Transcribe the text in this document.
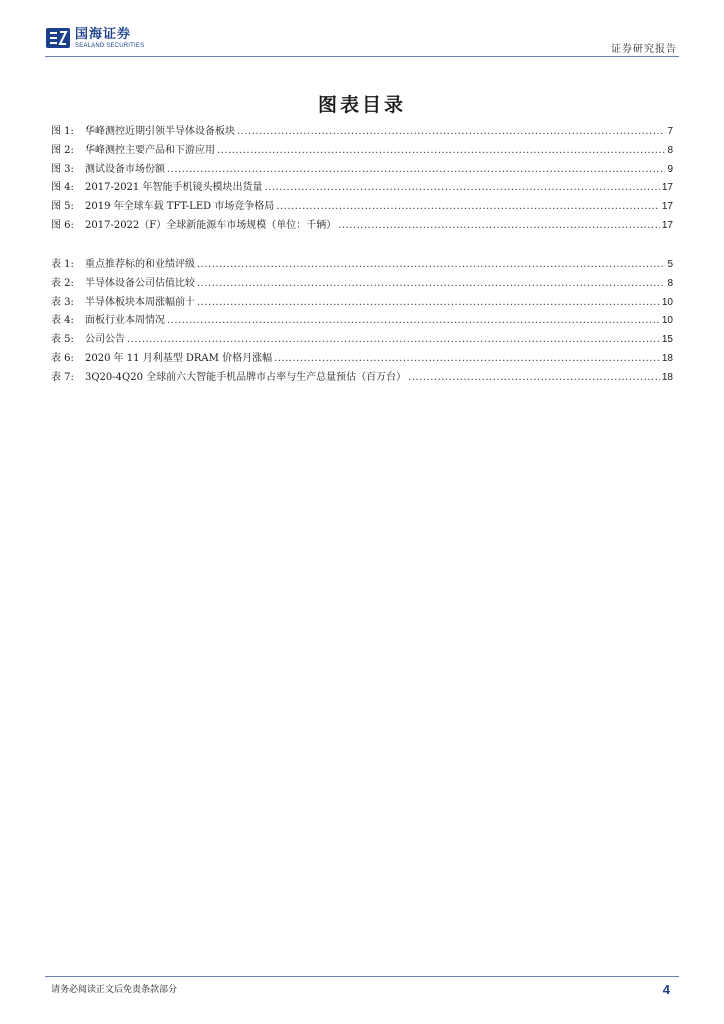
国海证券
SEALAND SECURITIES	证券研究报告
图表目录
图 1:	华峰测控近期引领半导体设备板块 .....	7
图 2:	华峰测控主要产品和下游应用 .....	8
图 3:	测试设备市场份额 .....	9
图 4:	2017-2021 年智能手机镜头模块出货量 .....	17
图 5:	2019 年全球车载 TFT-LED 市场竞争格局 .....	17
图 6:	2017-2022（F）全球新能源车市场规模（单位：千辆） .....	17
表 1:	重点推荐标的和业绩评级 .....	5
表 2:	半导体设备公司估值比较 .....	8
表 3:	半导体板块本周涨幅前十 .....	10
表 4:	面板行业本周情况 .....	10
表 5:	公司公告 .....	15
表 6:	2020 年 11 月利基型 DRAM 价格月涨幅 .....	18
表 7:	3Q20-4Q20 全球前六大智能手机品牌市占率与生产总量预估（百万台） .....	18
请务必阅读正文后免责条款部分	4
